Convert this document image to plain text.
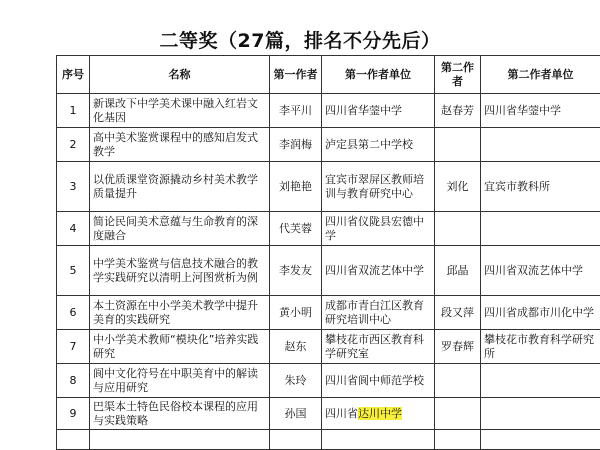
二等奖（27篇，排名不分先后）
序号	名称	第一作者	第一作者单位	第二作者	第二作者单位
1	新课改下中学美术课中融入红岩文化基因	李平川	四川省华蓥中学	赵春芳	四川省华蓥中学
2	高中美术鉴赏课程中的感知启发式教学	李润梅	泸定县第二中学校		
3	以优质课堂资源撬动乡村美术教学质量提升	刘艳艳	宜宾市翠屏区教师培训与教育研究中心	刘化	宜宾市教科所
4	简论民间美术意蕴与生命教育的深度融合	代芙蓉	四川省仪陇县宏德中学		
5	中学美术鉴赏与信息技术融合的教学实践研究以清明上河图赏析为例	李发友	四川省双流艺体中学	邱晶	四川省双流艺体中学
6	本土资源在中小学美术教学中提升美育的实践研究	黄小明	成都市青白江区教育研究培训中心	段又萍	四川省成都市川化中学
7	中小学美术教师“模块化”培养实践研究	赵东	攀枝花市西区教育科学研究室	罗春辉	攀枝花市教育科学研究所
8	阆中文化符号在中职美育中的解读与应用研究	朱玲	四川省阆中师范学校		
9	巴渠本土特色民俗校本课程的应用与实践策略	孙国	四川省达川中学		
